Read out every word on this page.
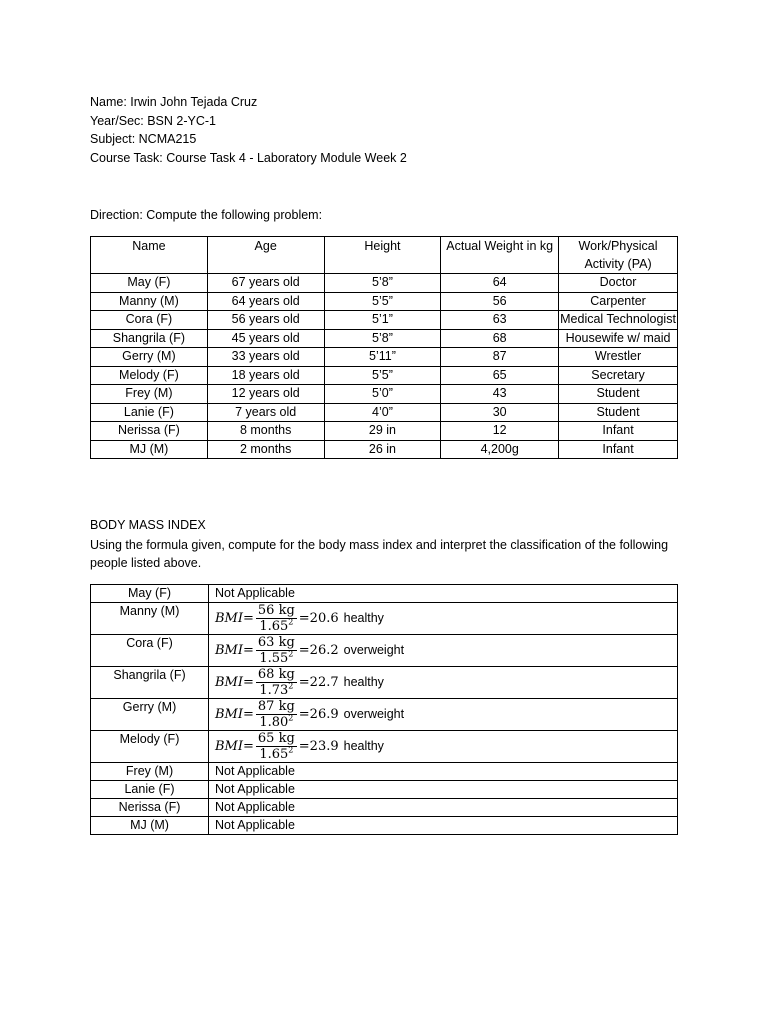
Name: Irwin John Tejada Cruz
Year/Sec: BSN 2-YC-1
Subject: NCMA215
Course Task: Course Task 4 - Laboratory Module Week 2
Direction: Compute the following problem:
Name	Age	Height	Actual Weight in kg	Work/Physical Activity (PA)
May (F)	67 years old	5’8”	64	Doctor
Manny (M)	64 years old	5’5”	56	Carpenter
Cora (F)	56 years old	5’1”	63	Medical Technologist
Shangrila (F)	45 years old	5’8”	68	Housewife w/ maid
Gerry (M)	33 years old	5’11”	87	Wrestler
Melody (F)	18 years old	5’5”	65	Secretary
Frey (M)	12 years old	5’0”	43	Student
Lanie (F)	7 years old	4’0”	30	Student
Nerissa (F)	8 months	29 in	12	Infant
MJ (M)	2 months	26 in	4,200g	Infant
BODY MASS INDEX
Using the formula given, compute for the body mass index and interpret the classification of the following people listed above.
May (F)	Not Applicable
Manny (M)	$BMI= \frac{56 kg}{1.65^2} =20.6$ healthy

Cora (F)	$BMI= \frac{63 kg}{1.55^2} =26.2$ overweight

Shangrila (F)	$BMI= \frac{68 kg}{1.73^2} =22.7$ healthy

Gerry (M)	$BMI= \frac{87 kg}{1.80^2} =26.9$ overweight

Melody (F)	$BMI= \frac{65 kg}{1.65^2} =23.9$ healthy

Frey (M)	Not Applicable
Lanie (F)	Not Applicable
Nerissa (F)	Not Applicable
MJ (M)	Not Applicable
